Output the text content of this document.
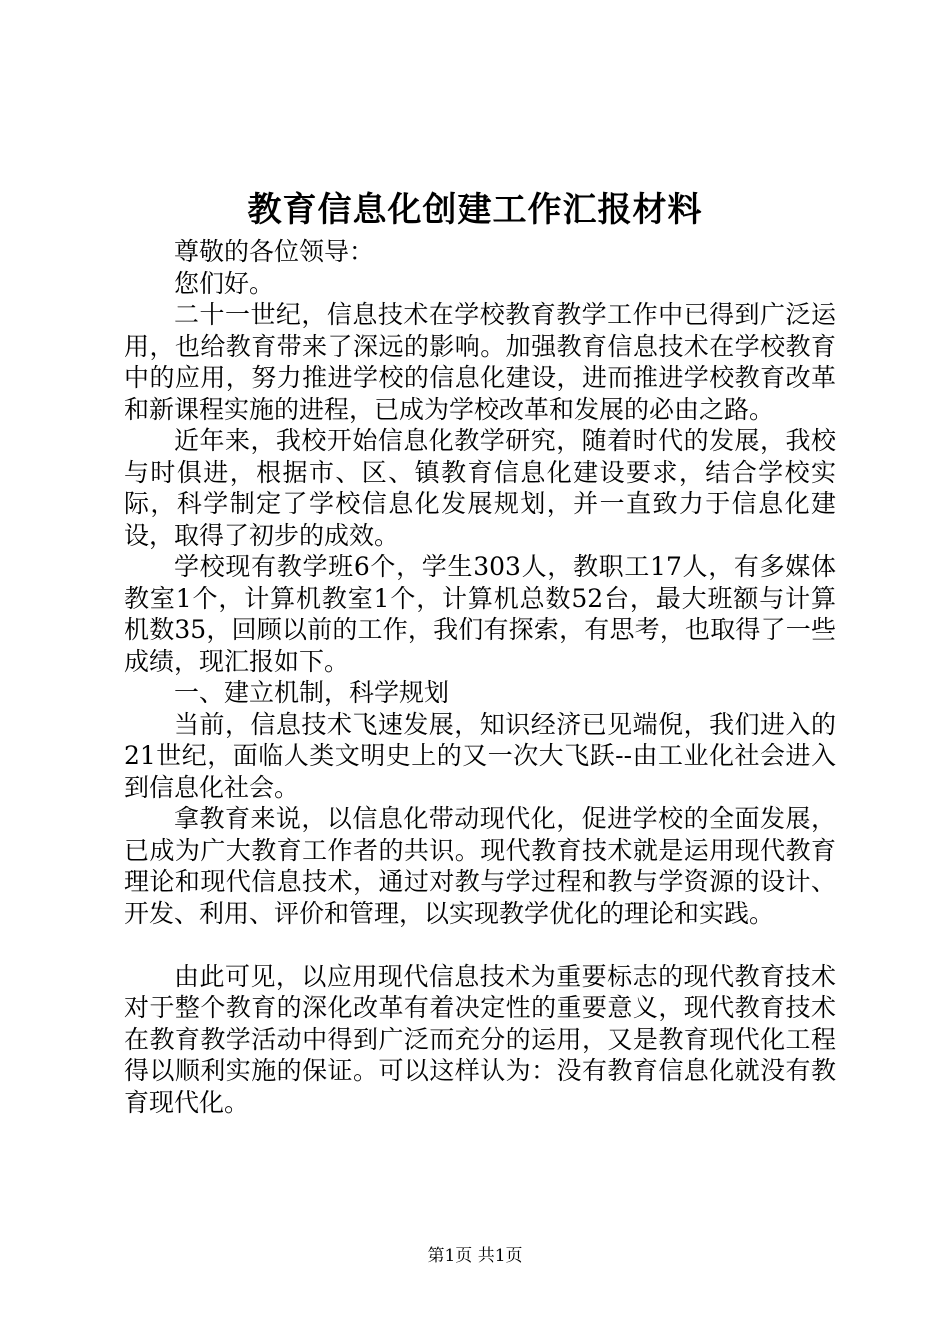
教育信息化创建工作汇报材料

尊敬的各位领导：

您们好。

二十一世纪，信息技术在学校教育教学工作中已得到广泛运用，也给教育带来了深远的影响。加强教育信息技术在学校教育中的应用，努力推进学校的信息化建设，进而推进学校教育改革和新课程实施的进程，已成为学校改革和发展的必由之路。

近年来，我校开始信息化教学研究，随着时代的发展，我校与时俱进，根据市、区、镇教育信息化建设要求，结合学校实际，科学制定了学校信息化发展规划，并一直致力于信息化建设，取得了初步的成效。

学校现有教学班6个，学生303人，教职工17人，有多媒体教室1个，计算机教室1个，计算机总数52台，最大班额与计算机数35，回顾以前的工作，我们有探索，有思考，也取得了一些成绩，现汇报如下。

一、建立机制，科学规划

当前，信息技术飞速发展，知识经济已见端倪，我们进入的21世纪，面临人类文明史上的又一次大飞跃--由工业化社会进入到信息化社会。

拿教育来说，以信息化带动现代化，促进学校的全面发展，已成为广大教育工作者的共识。现代教育技术就是运用现代教育理论和现代信息技术，通过对教与学过程和教与学资源的设计、开发、利用、评价和管理，以实现教学优化的理论和实践。

由此可见，以应用现代信息技术为重要标志的现代教育技术对于整个教育的深化改革有着决定性的重要意义，现代教育技术在教育教学活动中得到广泛而充分的运用，又是教育现代化工程得以顺利实施的保证。可以这样认为：没有教育信息化就没有教育现代化。

第1页 共1页
